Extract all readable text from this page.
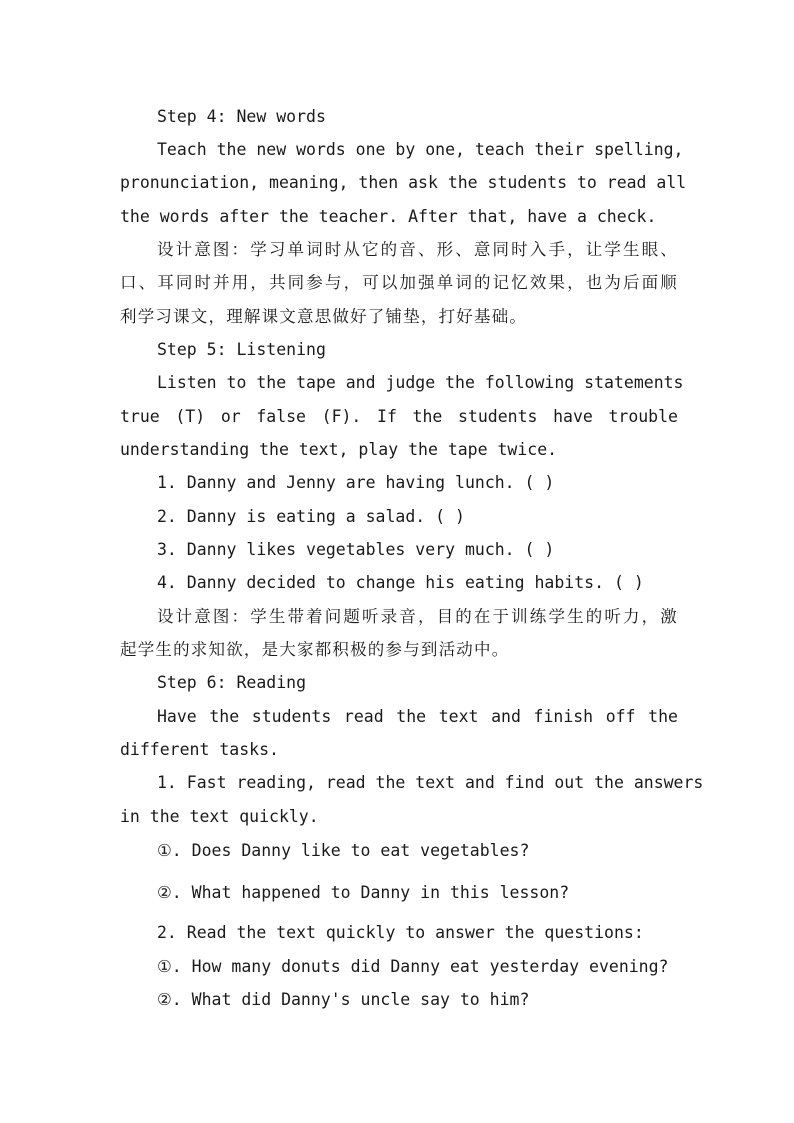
Step 4: New words
Teach the new words one by one, teach their spelling,
pronunciation, meaning, then ask the students to read all
the words after the teacher. After that, have a check.
设计意图：学习单词时从它的音、形、意同时入手，让学生眼、
口、耳同时并用，共同参与，可以加强单词的记忆效果，也为后面顺
利学习课文，理解课文意思做好了铺垫，打好基础。
Step 5: Listening
Listen to the tape and judge the following statements
true (T) or false (F). If the students have trouble
understanding the text, play the tape twice.
1. Danny and Jenny are having lunch. ( )
2. Danny is eating a salad. ( )
3. Danny likes vegetables very much. ( )
4. Danny decided to change his eating habits. ( )
设计意图：学生带着问题听录音，目的在于训练学生的听力，激
起学生的求知欲，是大家都积极的参与到活动中。
Step 6: Reading
Have the students read the text and finish off the
different tasks.
1. Fast reading, read the text and find out the answers
in the text quickly.
①. Does Danny like to eat vegetables?
②. What happened to Danny in this lesson?
2. Read the text quickly to answer the questions:
①. How many donuts did Danny eat yesterday evening?
②. What did Danny's uncle say to him?
